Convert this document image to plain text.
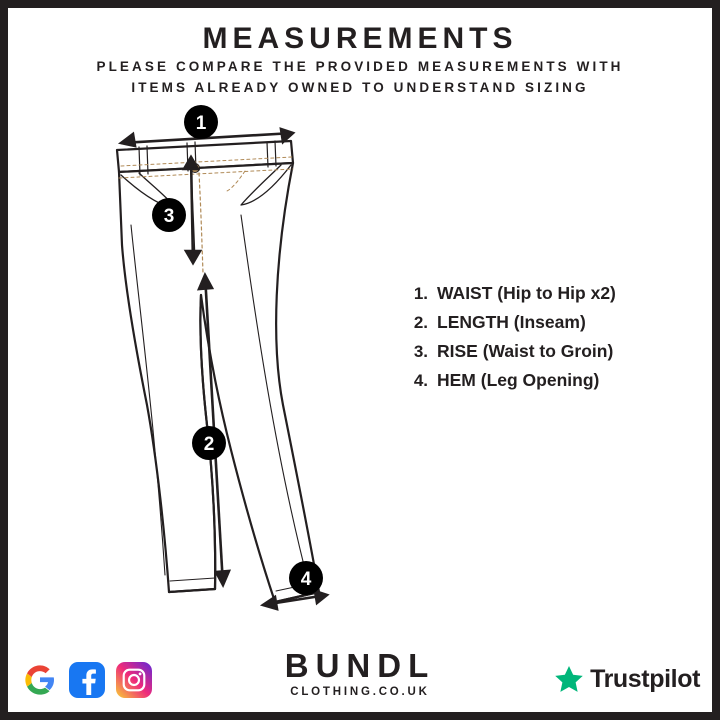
MEASUREMENTS
PLEASE COMPARE THE PROVIDED MEASUREMENTS WITH
ITEMS ALREADY OWNED TO UNDERSTAND SIZING
1
3
2
4
1. WAIST (Hip to Hip x2)
2. LENGTH (Inseam)
3. RISE (Waist to Groin)
4. HEM (Leg Opening)
BUNDL
CLOTHING.CO.UK	Trustpilot
